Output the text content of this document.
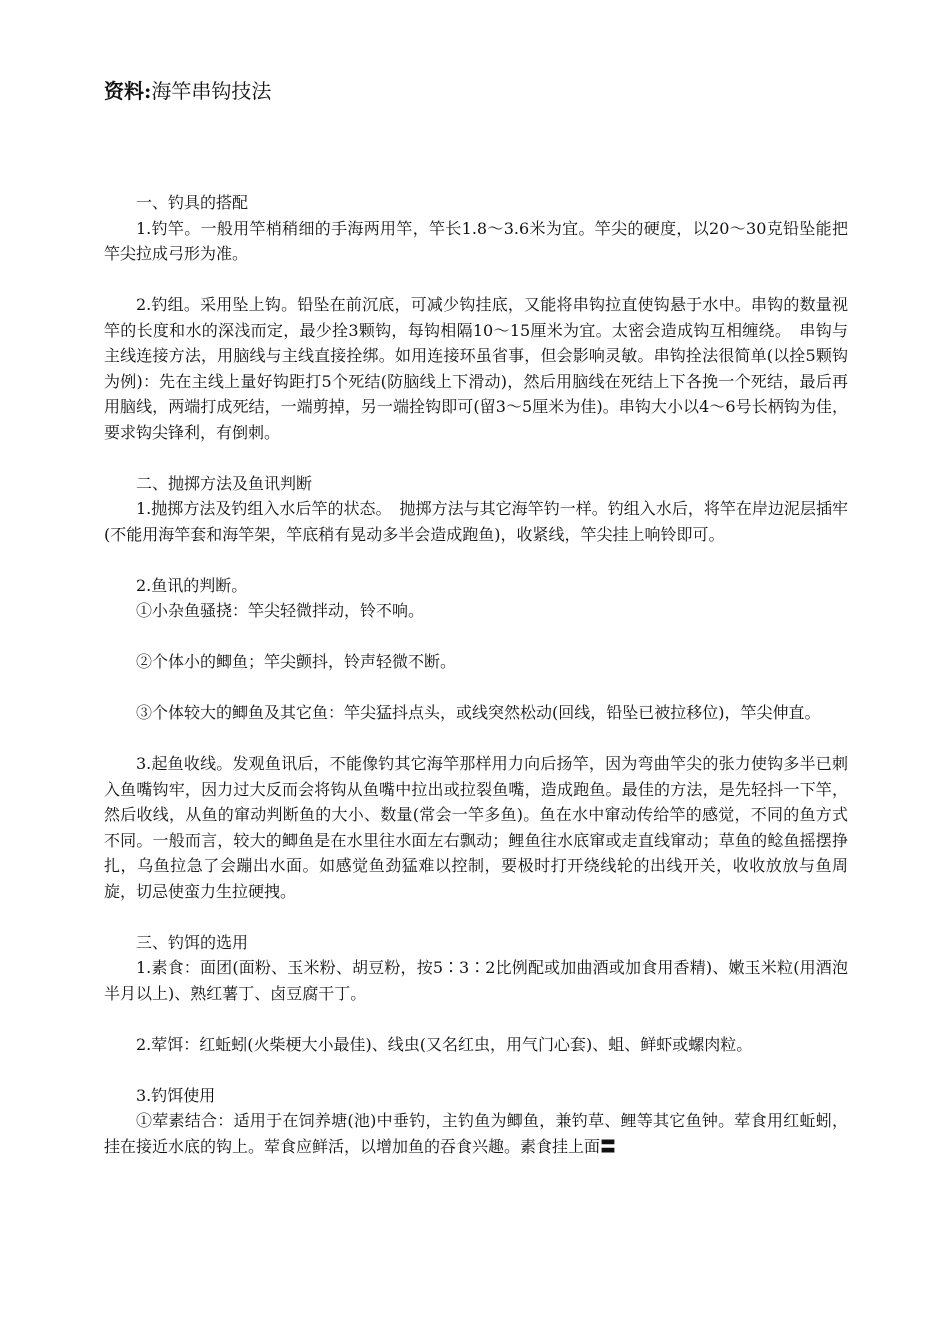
资料:海竿串钩技法

一、钓具的搭配

1.钓竿。一般用竿梢稍细的手海两用竿，竿长1.8～3.6米为宜。竿尖的硬度，以20～30克铅坠能把竿尖拉成弓形为准。

2.钓组。采用坠上钩。铅坠在前沉底，可减少钩挂底，又能将串钩拉直使钩悬于水中。串钩的数量视竿的长度和水的深浅而定，最少拴3颗钩，每钩相隔10～15厘米为宜。太密会造成钩互相缠绕。　串钩与主线连接方法，用脑线与主线直接拴绑。如用连接环虽省事，但会影响灵敏。串钩拴法很简单(以拴5颗钩为例)：先在主线上量好钩距打5个死结(防脑线上下滑动)，然后用脑线在死结上下各挽一个死结，最后再用脑线，两端打成死结，一端剪掉，另一端拴钩即可(留3～5厘米为佳)。串钩大小以4～6号长柄钩为佳，要求钩尖锋利，有倒刺。

二、抛掷方法及鱼讯判断

1.抛掷方法及钓组入水后竿的状态。　抛掷方法与其它海竿钓一样。钓组入水后，将竿在岸边泥层插牢(不能用海竿套和海竿架，竿底稍有晃动多半会造成跑鱼)，收紧线，竿尖挂上响铃即可。

2.鱼讯的判断。

①小杂鱼骚挠：竿尖轻微拌动，铃不响。

②个体小的鲫鱼；竿尖颤抖，铃声轻微不断。

③个体较大的鲫鱼及其它鱼：竿尖猛抖点头，或线突然松动(回线，铅坠已被拉移位)，竿尖伸直。

3.起鱼收线。发观鱼讯后，不能像钓其它海竿那样用力向后扬竿，因为弯曲竿尖的张力使钩多半已刺入鱼嘴钩牢，因力过大反而会将钩从鱼嘴中拉出或拉裂鱼嘴，造成跑鱼。最佳的方法，是先轻抖一下竿，然后收线，从鱼的窜动判断鱼的大小、数量(常会一竿多鱼)。鱼在水中窜动传给竿的感觉，不同的鱼方式不同。一般而言，较大的鲫鱼是在水里往水面左右飘动；鲤鱼往水底窜或走直线窜动；草鱼的鲶鱼摇摆挣扎，乌鱼拉急了会蹦出水面。如感觉鱼劲猛难以控制，要极时打开绕线轮的出线开关，收收放放与鱼周旋，切忌使蛮力生拉硬拽。

三、钓饵的选用

1.素食：面团(面粉、玉米粉、胡豆粉，按5∶3∶2比例配或加曲酒或加食用香精)、嫩玉米粒(用酒泡半月以上)、熟红薯丁、卤豆腐干丁。

2.荤饵：红蚯蚓(火柴梗大小最佳)、线虫(又名红虫，用气门心套)、蛆、鲜虾或螺肉粒。

3.钓饵使用

①荤素结合：适用于在饲养塘(池)中垂钓，主钓鱼为鲫鱼，兼钓草、鲤等其它鱼钟。荤食用红蚯蚓，挂在接近水底的钩上。荤食应鲜活，以增加鱼的吞食兴趣。素食挂上面〓
